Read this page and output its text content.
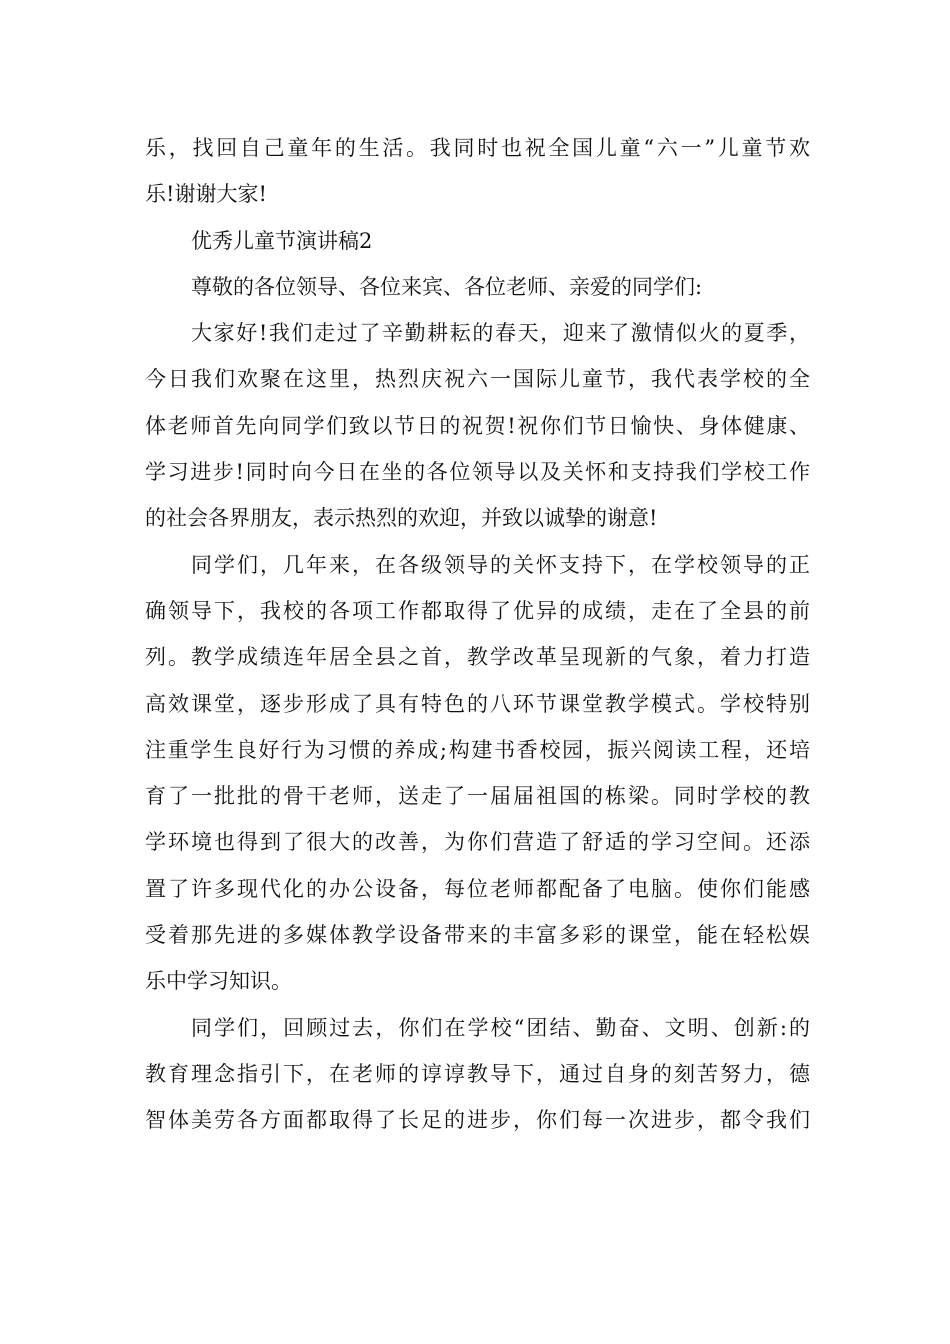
乐，找回自己童年的生活。我同时也祝全国儿童“六一”儿童节欢
乐!谢谢大家!
优秀儿童节演讲稿2
尊敬的各位领导、各位来宾、各位老师、亲爱的同学们:
大家好!我们走过了辛勤耕耘的春天，迎来了激情似火的夏季，
今日我们欢聚在这里，热烈庆祝六一国际儿童节，我代表学校的全
体老师首先向同学们致以节日的祝贺!祝你们节日愉快、身体健康、
学习进步!同时向今日在坐的各位领导以及关怀和支持我们学校工作
的社会各界朋友，表示热烈的欢迎，并致以诚挚的谢意!
同学们，几年来，在各级领导的关怀支持下，在学校领导的正
确领导下，我校的各项工作都取得了优异的成绩，走在了全县的前
列。教学成绩连年居全县之首，教学改革呈现新的气象，着力打造
高效课堂，逐步形成了具有特色的八环节课堂教学模式。学校特别
注重学生良好行为习惯的养成;构建书香校园，振兴阅读工程，还培
育了一批批的骨干老师，送走了一届届祖国的栋梁。同时学校的教
学环境也得到了很大的改善，为你们营造了舒适的学习空间。还添
置了许多现代化的办公设备，每位老师都配备了电脑。使你们能感
受着那先进的多媒体教学设备带来的丰富多彩的课堂，能在轻松娱
乐中学习知识。
同学们，回顾过去，你们在学校“团结、勤奋、文明、创新:的
教育理念指引下，在老师的谆谆教导下，通过自身的刻苦努力，德
智体美劳各方面都取得了长足的进步，你们每一次进步，都令我们
